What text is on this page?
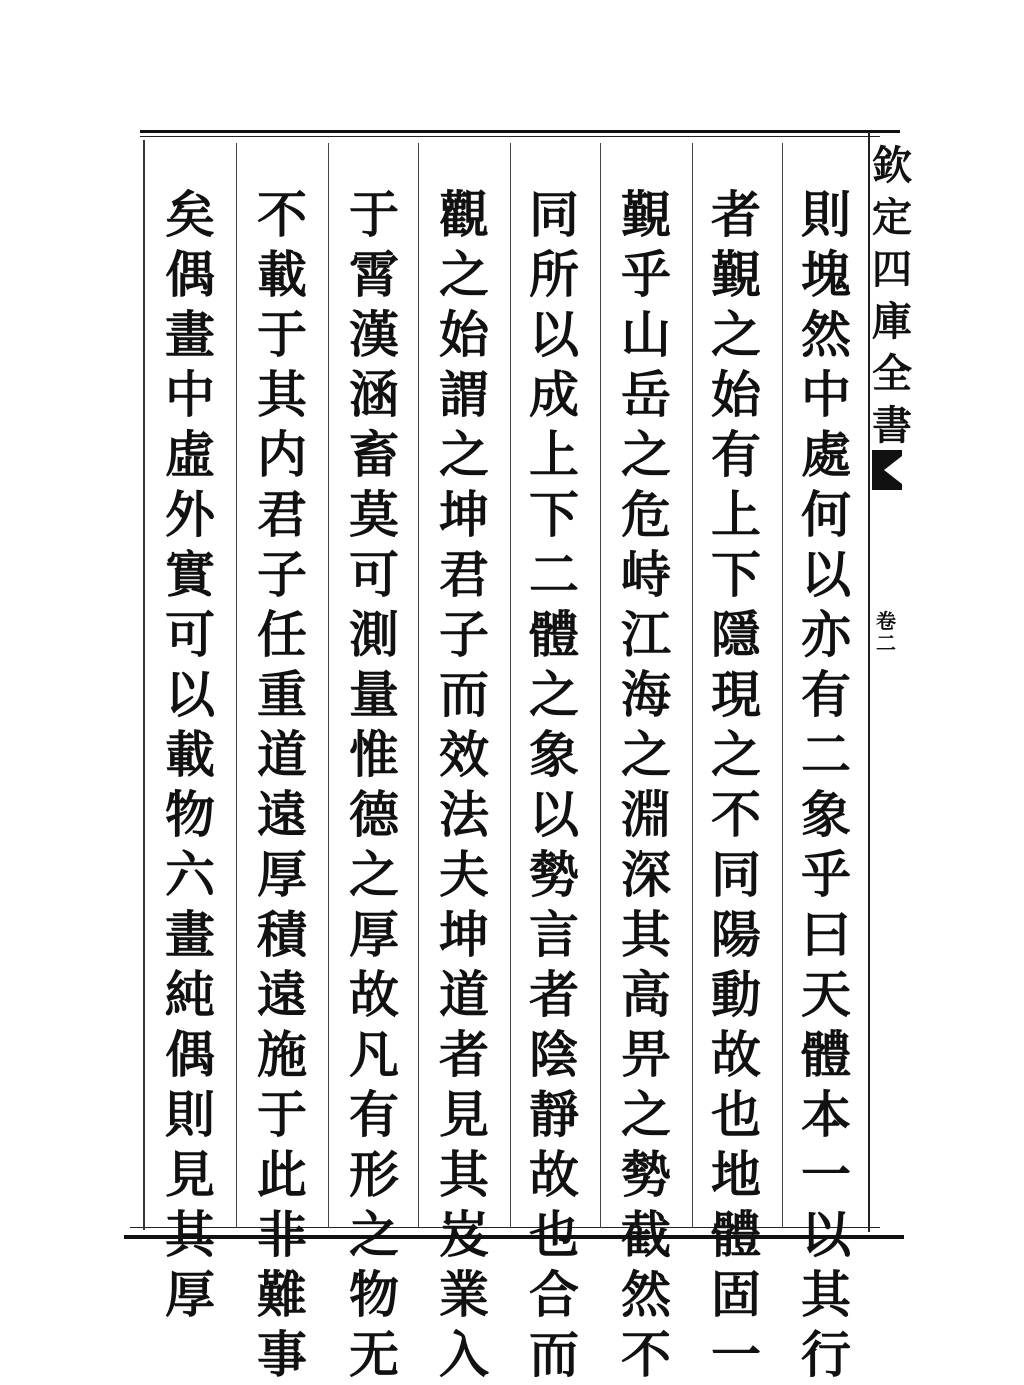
則
塊
然
中
處
何
以
亦
有
二
象
乎
曰
天
體
本
一
以
其
行
者
覲
之
始
有
上
下
隱
現
之
不
同
陽
動
故
也
地
體
固
一
覲
乎
山
岳
之
危
峙
江
海
之
淵
深
其
高
畀
之
勢
截
然
不
同
所
以
成
上
下
二
體
之
象
以
勢
言
者
陰
靜
故
也
合
而
觀
之
始
謂
之
坤
君
子
而
效
法
夫
坤
道
者
見
其
岌
業
入
于
霄
漢
涵
畜
莫
可
測
量
惟
德
之
厚
故
凡
有
形
之
物
无
不
載
于
其
内
君
子
任
重
道
遠
厚
積
遠
施
于
此
非
難
事
矣
偶
畫
中
虛
外
實
可
以
載
物
六
畫
純
偶
則
見
其
厚
欽
定
四
庫
全
書
卷
二
